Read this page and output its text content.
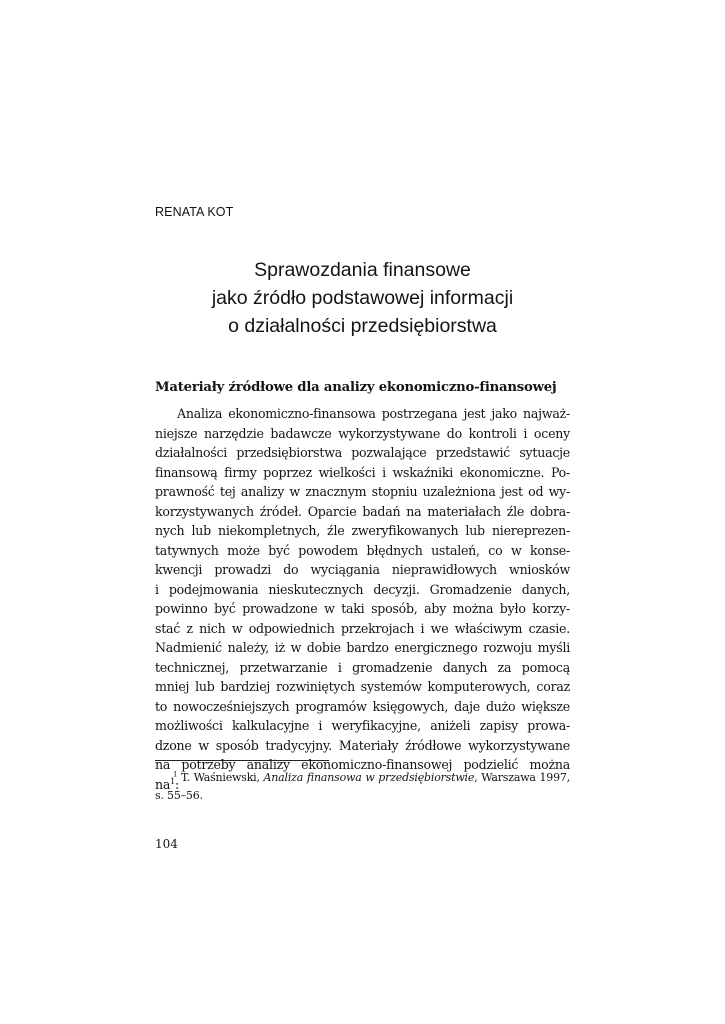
RENATA KOT

Sprawozdania finansowe
jako źródło podstawowej informacji
o działalności przedsiębiorstwa
Materiały źródłowe dla analizy ekonomiczno-finansowej
Analiza ekonomiczno-finansowa postrzegana jest jako najważ-
niejsze narzędzie badawcze wykorzystywane do kontroli i oceny
działalności przedsiębiorstwa pozwalające przedstawić sytuacje
finansową firmy poprzez wielkości i wskaźniki ekonomiczne. Po-
prawność tej analizy w znacznym stopniu uzależniona jest od wy-
korzystywanych źródeł. Oparcie badań na materiałach źle dobra-
nych lub niekompletnych, źle zweryfikowanych lub niereprezen-
tatywnych może być powodem błędnych ustaleń, co w konse-
kwencji prowadzi do wyciągania nieprawidłowych wniosków
i podejmowania nieskutecznych decyzji. Gromadzenie danych,
powinno być prowadzone w taki sposób, aby można było korzy-
stać z nich w odpowiednich przekrojach i we właściwym czasie.
Nadmienić należy, iż w dobie bardzo energicznego rozwoju myśli
technicznej, przetwarzanie i gromadzenie danych za pomocą
mniej lub bardziej rozwiniętych systemów komputerowych, coraz
to nowocześniejszych programów księgowych, daje dużo większe
możliwości kalkulacyjne i weryfikacyjne, aniżeli zapisy prowa-
dzone w sposób tradycyjny. Materiały źródłowe wykorzystywane
na potrzeby analizy ekonomiczno-finansowej podzielić można
na$^1$:
$^1$ T. Waśniewski, Analiza finansowa w przedsiębiorstwie, Warszawa 1997,
s. 55–56.

104
